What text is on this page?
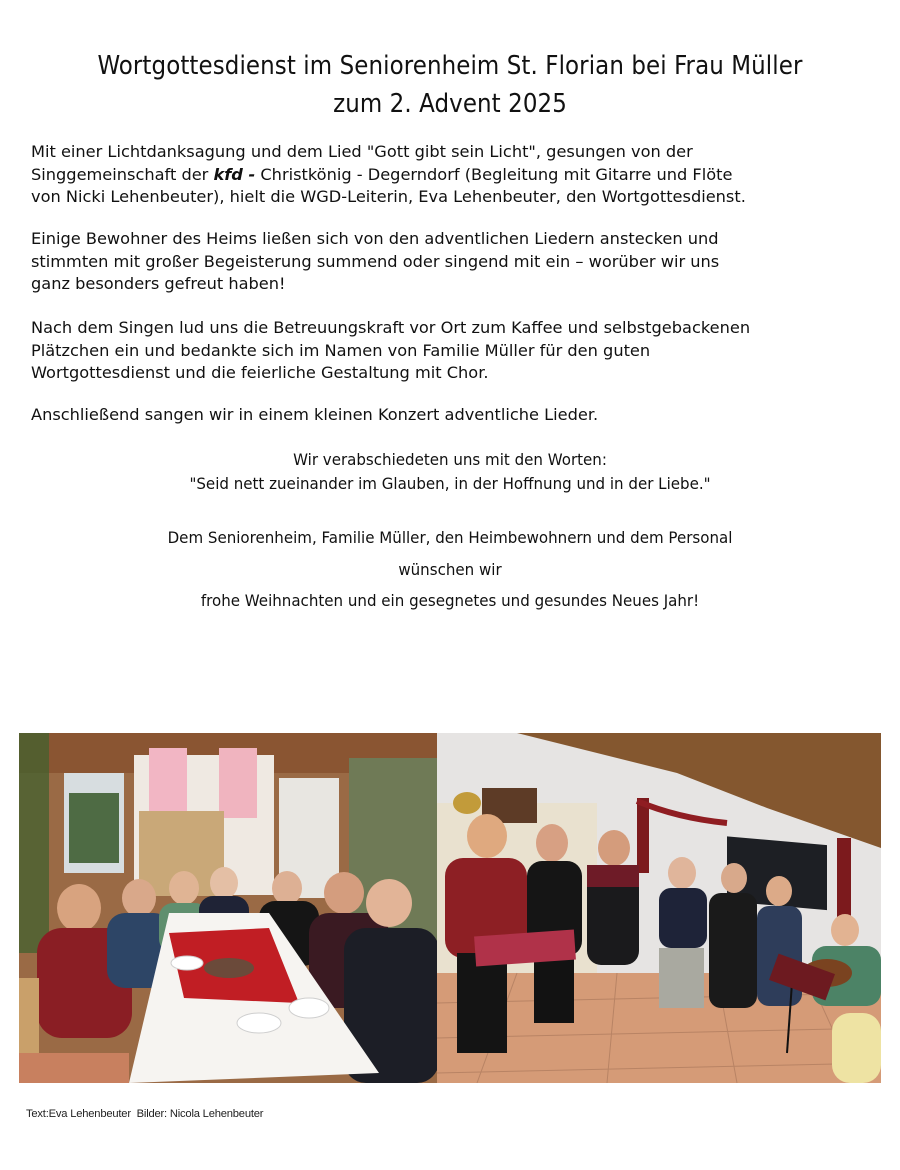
Wortgottesdienst im Seniorenheim St. Florian bei Frau Müller
zum 2. Advent 2025

Mit einer Lichtdanksagung und dem Lied "Gott gibt sein Licht", gesungen von der
Singgemeinschaft der kfd - Christkönig - Degerndorf (Begleitung mit Gitarre und Flöte
von Nicki Lehenbeuter), hielt die WGD-Leiterin, Eva Lehenbeuter, den Wortgottesdienst.

Einige Bewohner des Heims ließen sich von den adventlichen Liedern anstecken und
stimmten mit großer Begeisterung summend oder singend mit ein – worüber wir uns
ganz besonders gefreut haben!

Nach dem Singen lud uns die Betreuungskraft vor Ort zum Kaffee und selbstgebackenen
Plätzchen ein und bedankte sich im Namen von Familie Müller für den guten
Wortgottesdienst und die feierliche Gestaltung mit Chor.

Anschließend sangen wir in einem kleinen Konzert adventliche Lieder.

Wir verabschiedeten uns mit den Worten:
"Seid nett zueinander im Glauben, in der Hoffnung und in der Liebe."
Dem Seniorenheim, Familie Müller, den Heimbewohnern und dem Personal
wünschen wir
frohe Weihnachten und ein gesegnetes und gesundes Neues Jahr!
Text:Eva Lehenbeuter  Bilder: Nicola Lehenbeuter
